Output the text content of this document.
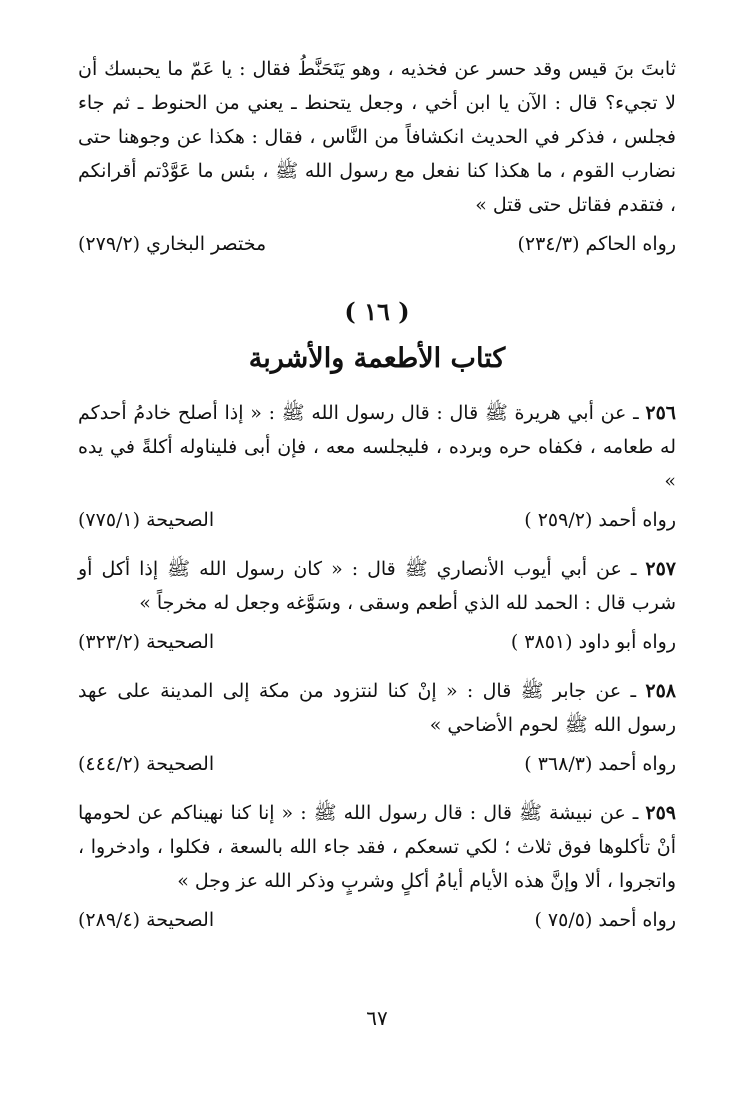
ثابتَ بنَ قيس وقد حسر عن فخذيه ، وهو يَتَحَنَّطُ فقال : يا عَمّ ما يحبسك أن لا تجيء؟ قال : الآن يا ابن أخي ، وجعل يتحنط ـ يعني من الحنوط ـ ثم جاء فجلس ، فذكر في الحديث انكشافاً من النَّاس ، فقال : هكذا عن وجوهنا حتى نضارب القوم ، ما هكذا كنا نفعل مع رسول الله ﷺ ، بئس ما عَوَّدْتم أقرانكم ، فتقدم فقاتل حتى قتل »

رواه الحاكم (٢٣٤/٣)
مختصر البخاري (٢٧٩/٢)
( ١٦ )
كتاب الأطعمة والأشربة

٢٥٦ ـ عن أبي هريرة ﷺ قال : قال رسول الله ﷺ : « إذا أصلح خادمُ أحدكم له طعامه ، فكفاه حره وبرده ، فليجلسه معه ، فإن أبى فليناوله أكلةً في يده »

رواه أحمد (٢٥٩/٢ )
الصحيحة (٧٧٥/١)

٢٥٧ ـ عن أبي أيوب الأنصاري ﷺ قال : « كان رسول الله ﷺ إذا أكل أو شرب قال : الحمد لله الذي أطعم وسقى ، وسَوَّغه وجعل له مخرجاً »

رواه أبو داود (٣٨٥١ )
الصحيحة (٣٢٣/٢)

٢٥٨ ـ عن جابر ﷺ قال : « إنْ كنا لنتزود من مكة إلى المدينة على عهد رسول الله ﷺ لحوم الأضاحي »

رواه أحمد (٣٦٨/٣ )
الصحيحة (٤٤٤/٢)

٢٥٩ ـ عن نبيشة ﷺ قال : قال رسول الله ﷺ : « إنا كنا نهيناكم عن لحومها أنْ تأكلوها فوق ثلاث ؛ لكي تسعكم ، فقد جاء الله بالسعة ، فكلوا ، وادخروا ، واتجروا ، ألا وإنَّ هذه الأيام أيامُ أكلٍ وشربٍ وذكر الله عز وجل »

رواه أحمد (٧٥/٥ )
الصحيحة (٢٨٩/٤)
٦٧
